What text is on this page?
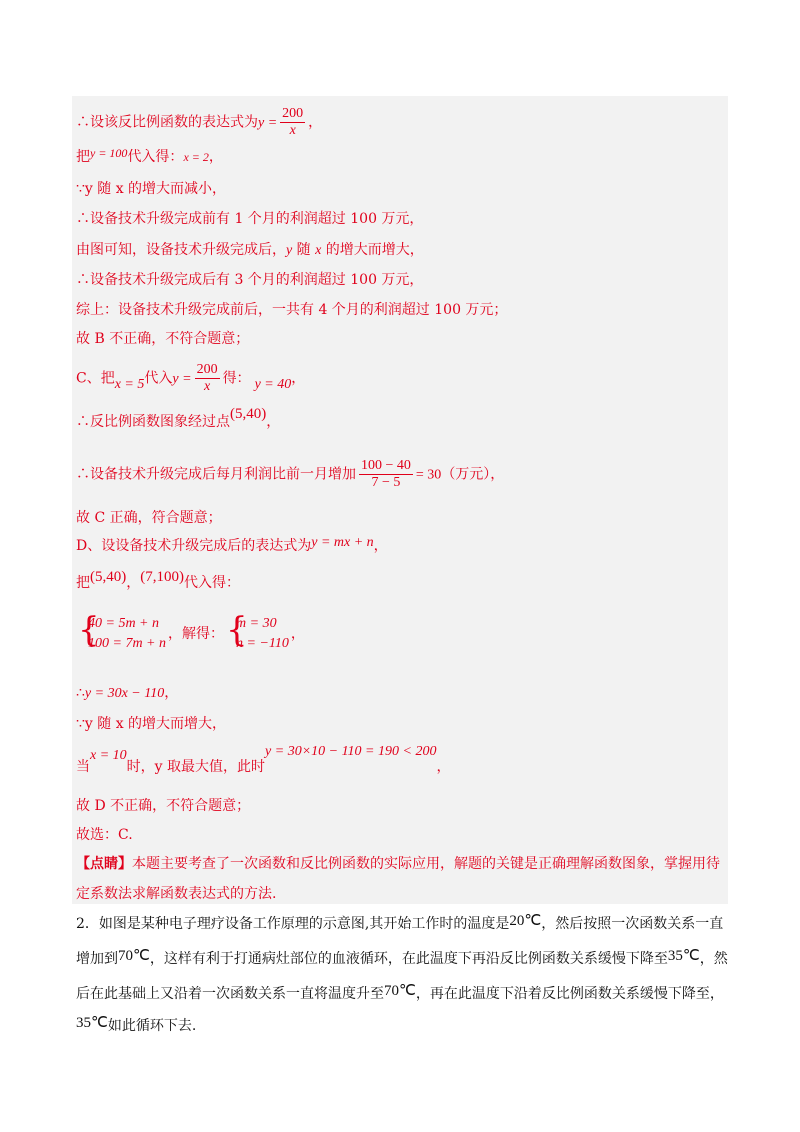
∴设该反比例函数的表达式为$y = \frac{200}{x}$ ，
把y = 100代入得：x = 2，
∵y 随 x 的增大而减小，
∴设备技术升级完成前有 1 个月的利润超过 100 万元，
由图可知，设备技术升级完成后，y 随 x 的增大而增大，
∴设备技术升级完成后有 3 个月的利润超过 100 万元，
综上：设备技术升级完成前后，一共有 4 个月的利润超过 100 万元；
故 B 不正确，不符合题意；
C、把x = 5代入$y = \frac{200}{x}$ 得： y = 40，
∴反比例函数图象经过点(5,40)，
∴设备技术升级完成后每月利润比前一月增加 $\frac{100 - 40}{7 - 5} = 30$（万元），
故 C 正确，符合题意；
D、设设备技术升级完成后的表达式为y = mx + n，
把(5,40)，(7,100)代入得：
{
40 = 5m + n
100 = 7m + n
，解得： {
m = 30
n = −110
，
∴y = 30x − 110，
∵y 随 x 的增大而增大，
当x = 10时，y 取最大值，此时y = 30×10 − 110 = 190 < 200，
故 D 不正确，不符合题意；
故选：C.
【点睛】本题主要考查了一次函数和反比例函数的实际应用，解题的关键是正确理解函数图象，掌握用待
定系数法求解函数表达式的方法.
2．如图是某种电子理疗设备工作原理的示意图,其开始工作时的温度是20℃，然后按照一次函数关系一直
增加到70℃，这样有利于打通病灶部位的血液循环，在此温度下再沿反比例函数关系缓慢下降至35℃，然
后在此基础上又沿着一次函数关系一直将温度升至70℃，再在此温度下沿着反比例函数关系缓慢下降至，
35℃如此循环下去.
